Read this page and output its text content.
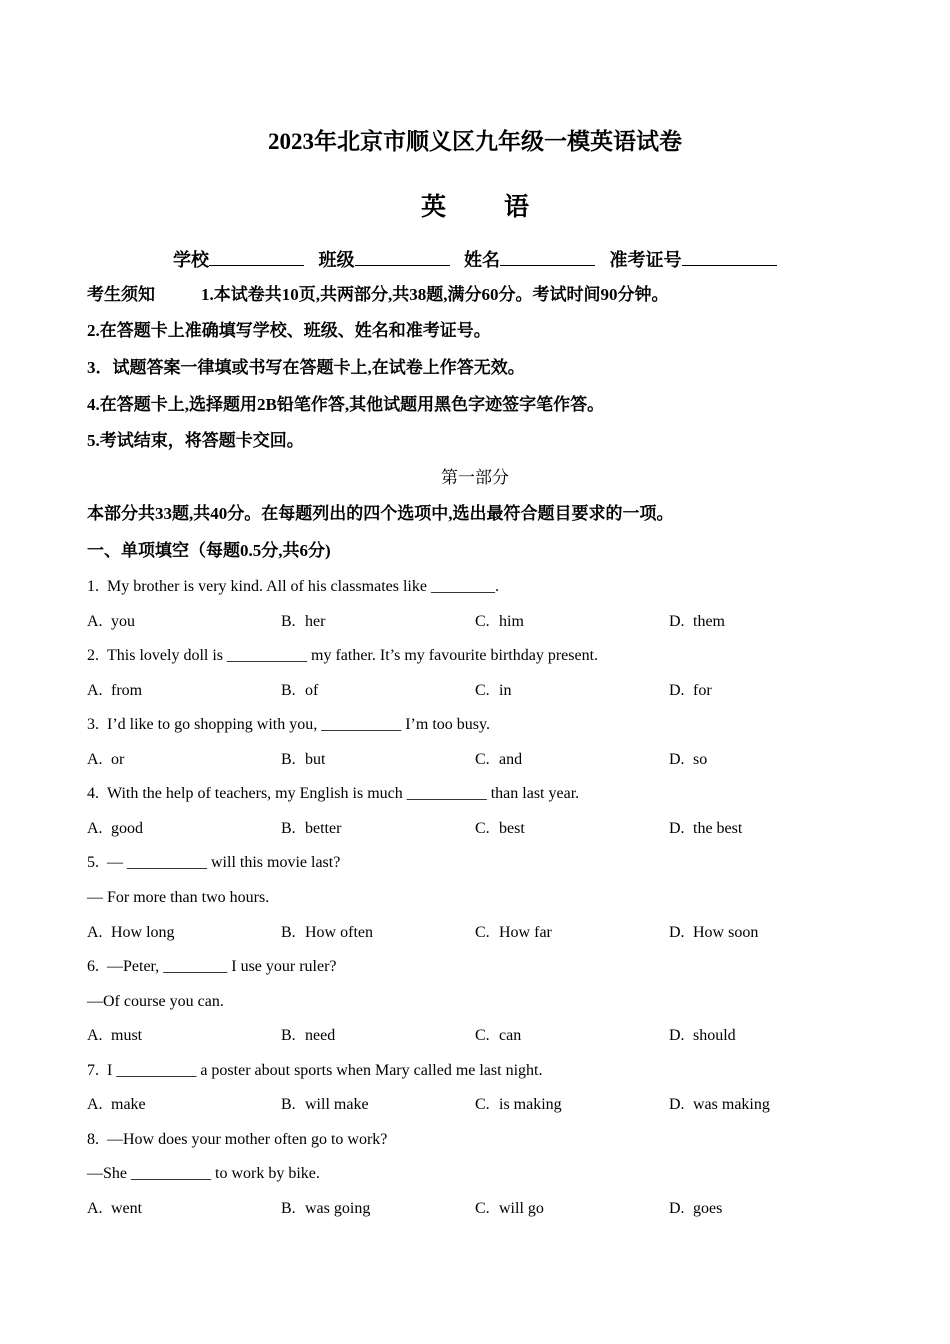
2023年北京市顺义区九年级一模英语试卷
英 语
学校	班级	姓名	准考证号
考生须知	1.本试卷共10页,共两部分,共38题,满分60分。考试时间90分钟。
2.在答题卡上准确填写学校、班级、姓名和准考证号。
3．试题答案一律填或书写在答题卡上,在试卷上作答无效。
4.在答题卡上,选择题用2B铅笔作答,其他试题用黑色字迹签字笔作答。
5.考试结束，将答题卡交回。
第一部分
本部分共33题,共40分。在每题列出的四个选项中,选出最符合题目要求的一项。
一、单项填空（每题0.5分,共6分)
1. My brother is very kind. All of his classmates like ________.
A. you	B. her	C. him	D. them
2. This lovely doll is __________ my father. It’s my favourite birthday present.
A. from	B. of	C. in	D. for
3. I’d like to go shopping with you, __________ I’m too busy.
A. or	B. but	C. and	D. so
4. With the help of teachers, my English is much __________ than last year.
A. good	B. better	C. best	D. the best
5. — __________ will this movie last?
— For more than two hours.
A. How long	B. How often	C. How far	D. How soon
6. —Peter, ________ I use your ruler?
—Of course you can.
A. must	B. need	C. can	D. should
7. I __________ a poster about sports when Mary called me last night.
A. make	B. will make	C. is making	D. was making
8. —How does your mother often go to work?
—She __________ to work by bike.
A. went	B. was going	C. will go	D. goes
